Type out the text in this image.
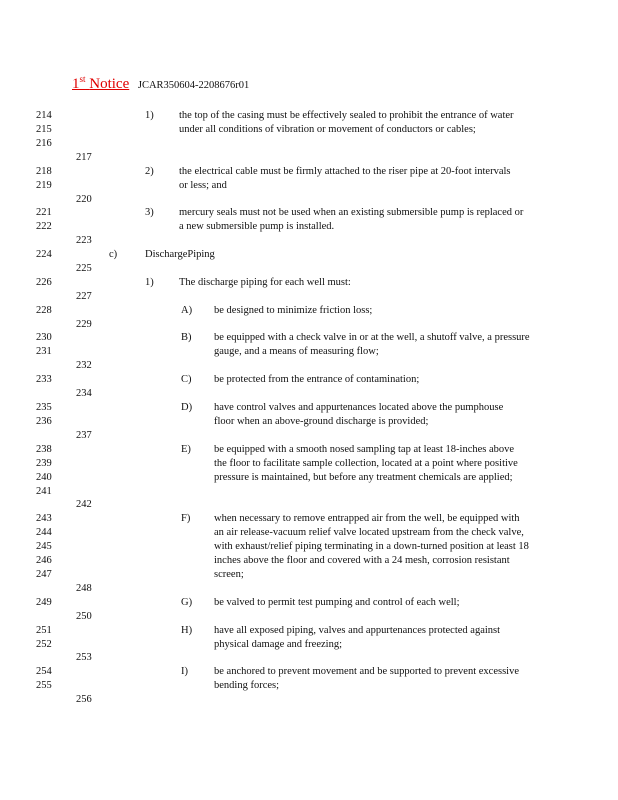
1st Notice JCAR350604-2208676r01
214
215
216
218
219
221
222
224
226
228
230
231
233
235
236
238
239
240
241
243
244
245
246
247
249
251
252
254
255
217
220
223
225
227
229
232
234
237
242
248
250
253
256
1) the top of the casing must be effectively sealed to prohibit the entrance of water under all conditions of vibration or movement of conductors or cables;
2) the electrical cable must be firmly attached to the riser pipe at 20-foot intervals or less; and
3) mercury seals must not be used when an existing submersible pump is replaced or a new submersible pump is installed.
c)	DischargePiping
1) The discharge piping for each well must:
A) be designed to minimize friction loss;
B) be equipped with a check valve in or at the well, a shutoff valve, a pressure gauge, and a means of measuring flow;
C) be protected from the entrance of contamination;
D) have control valves and appurtenances located above the pumphouse floor when an above-ground discharge is provided;
E) be equipped with a smooth nosed sampling tap at least 18-inches above the floor to facilitate sample collection, located at a point where positive pressure is maintained, but before any treatment chemicals are applied;
F) when necessary to remove entrapped air from the well, be equipped with an air release-vacuum relief valve located upstream from the check valve, with exhaust/relief piping terminating in a down-turned position at least 18 inches above the floor and covered with a 24 mesh, corrosion resistant screen;
G) be valved to permit test pumping and control of each well;
H) have all exposed piping, valves and appurtenances protected against physical damage and freezing;
I) be anchored to prevent movement and be supported to prevent excessive bending forces;
